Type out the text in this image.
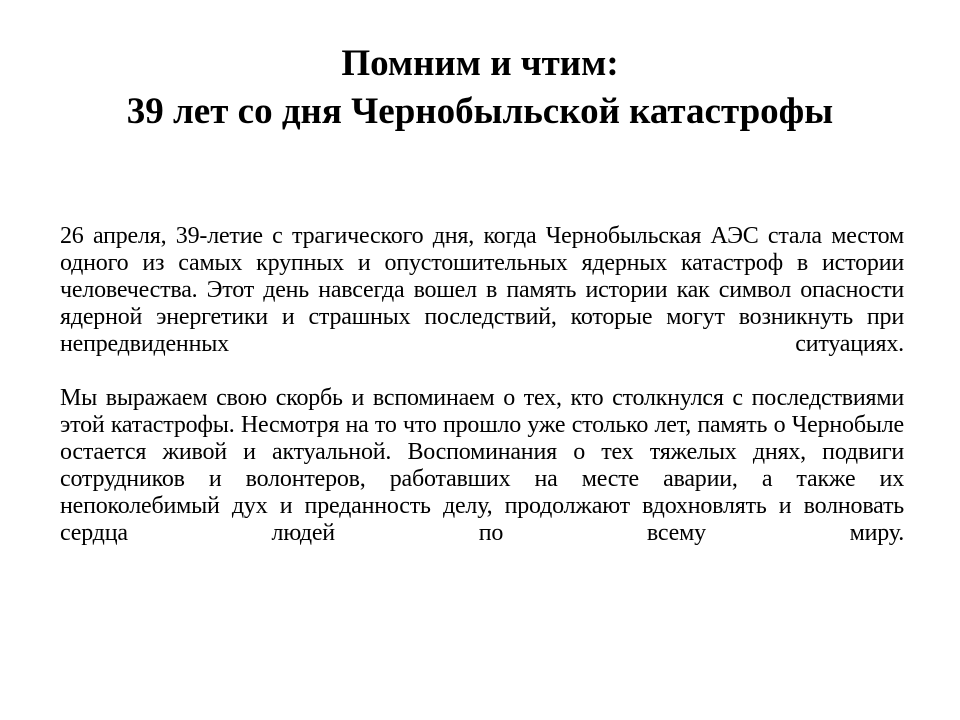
Помним и чтим:
39 лет со дня Чернобыльской катастрофы

26 апреля, 39-летие с трагического дня, когда Чернобыльская АЭС стала местом одного из самых крупных и опустошительных ядерных катастроф в истории человечества. Этот день навсегда вошел в память истории как символ опасности ядерной энергетики и страшных последствий, которые могут возникнуть при непредвиденных ситуациях.

Мы выражаем свою скорбь и вспоминаем о тех, кто столкнулся с последствиями этой катастрофы. Несмотря на то что прошло уже столько лет, память о Чернобыле остается живой и актуальной. Воспоминания о тех тяжелых днях, подвиги сотрудников и волонтеров, работавших на месте аварии, а также их непоколебимый дух и преданность делу, продолжают вдохновлять и волновать сердца людей по всему миру.
